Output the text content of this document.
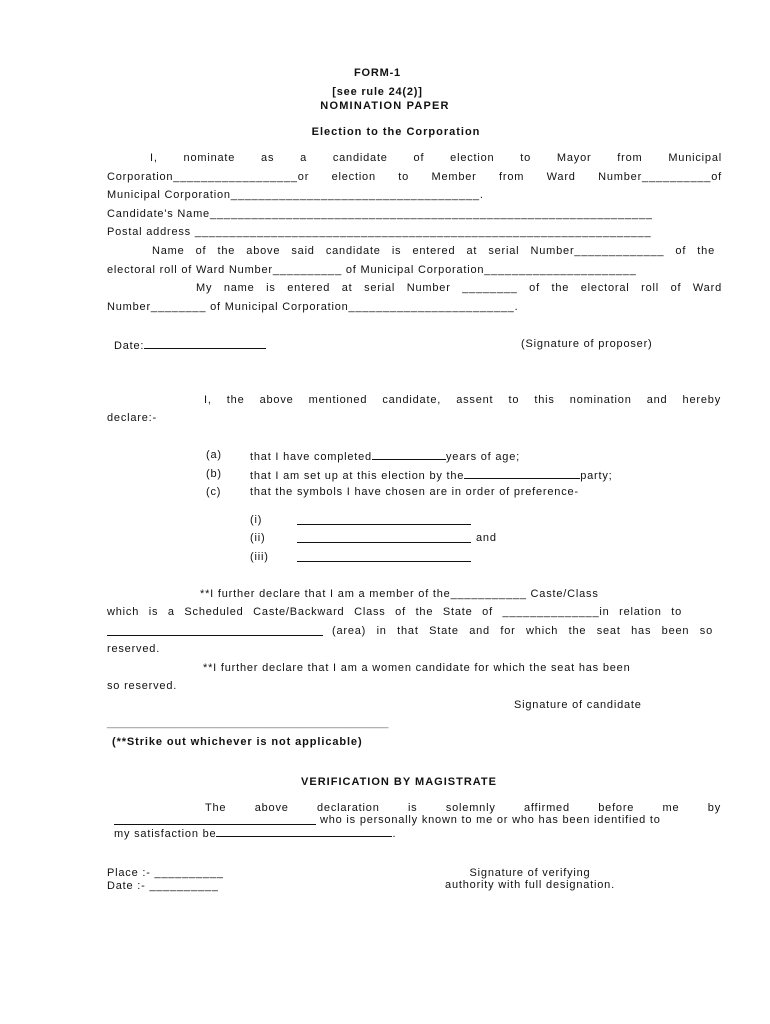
FORM-1
[see rule 24(2)]
NOMINATION PAPER
Election to the Corporation
I,    nominate    as    a    candidate    of    election    to    Mayor    from    Municipal
Corporation__________________or election to Member from Ward Number__________of
Municipal Corporation____________________________________.
Candidate's Name________________________________________________________________
Postal address __________________________________________________________________
Name of the above said candidate is entered at serial Number_____________ of the
electoral roll of Ward Number__________ of Municipal Corporation______________________
My name is entered at serial Number ________ of the electoral roll of Ward
Number________ of Municipal Corporation________________________.
Date:	(Signature of proposer)
I, the above mentioned candidate, assent to this nomination and hereby
declare:-
(a)	that I have completed	years of age;
(b)	that I am set up at this election by the	party;
(c)	that the symbols I have chosen are in order of preference-
(i)
(ii)	and
(iii)
**I further declare that I am a member of the___________ Caste/Class
which is a Scheduled Caste/Backward Class of the State of ______________in relation to
(area) in that State and for which the seat has been so
reserved.
**I further declare that I am a women candidate for which the seat has been
so reserved.
Signature of candidate
______________________________________________
(**Strike out whichever is not applicable)
VERIFICATION BY MAGISTRATE
The above declaration is solemnly affirmed before me by
who is personally known to me or who has been identified to
my satisfaction be	.
Place :- __________
Date :- __________
Signature of verifying
authority with full designation.
